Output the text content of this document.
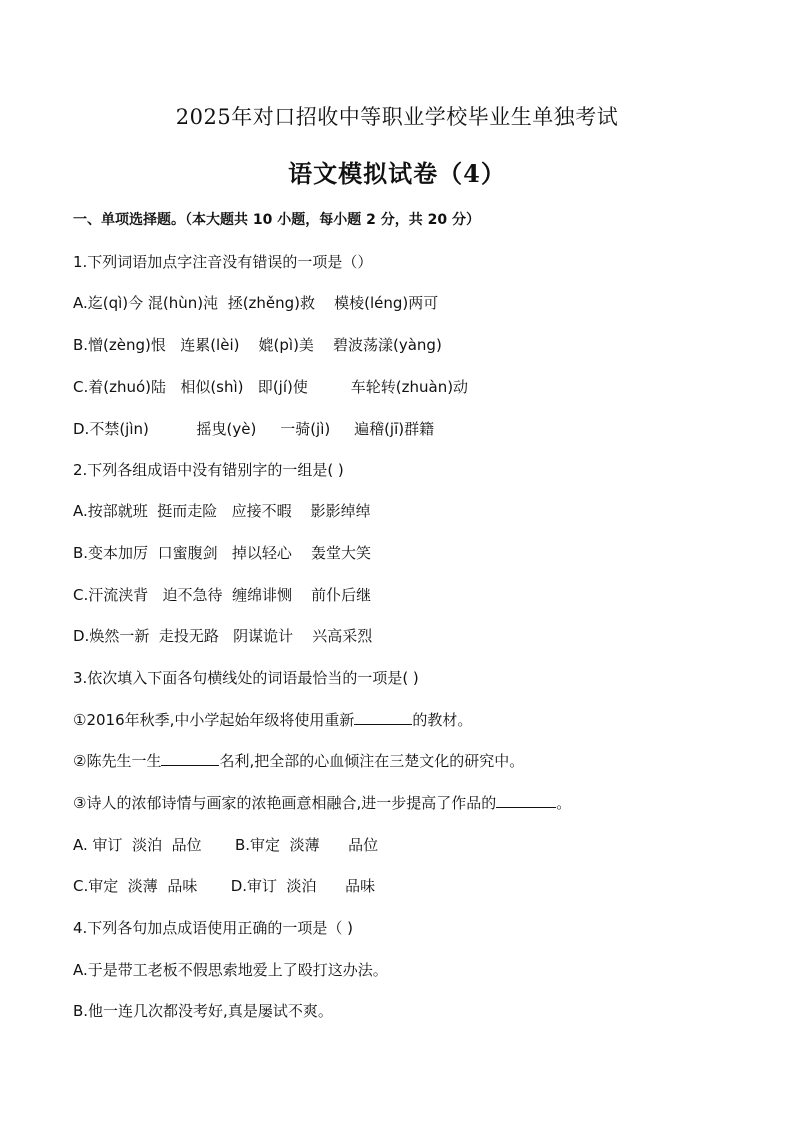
2025年对口招收中等职业学校毕业生单独考试
语文模拟试卷（4）
一、单项选择题。（本大题共 10 小题，每小题 2 分，共 20 分）
1.下列词语加点字注音没有错误的一项是（）
A.迄(qì)今 混(hùn)沌  拯(zhěng)救    模棱(léng)两可
B.憎(zèng)恨   连累(lèi)    媲(pì)美    碧波荡漾(yàng)
C.着(zhuó)陆   相似(shì)   即(jí)使         车轮转(zhuàn)动
D.不禁(jìn)          摇曳(yè)     一骑(jì)     遍稽(jī)群籍
2.下列各组成语中没有错别字的一组是( )
A.按部就班  挺而走险   应接不暇    影影绰绰
B.变本加厉  口蜜腹剑   掉以轻心    轰堂大笑
C.汗流浃背   迫不急待  缠绵诽恻    前仆后继
D.焕然一新  走投无路   阴谋诡计    兴高采烈
3.依次填入下面各句横线处的词语最恰当的一项是( )
①2016年秋季,中小学起始年级将使用重新	的教材。
②陈先生一生	名利,把全部的心血倾注在三楚文化的研究中。
③诗人的浓郁诗情与画家的浓艳画意相融合,进一步提高了作品的	。
A. 审订  淡泊  品位       B.审定  淡薄      品位
C.审定  淡薄  品味       D.审订  淡泊      品味
4.下列各句加点成语使用正确的一项是（ )
A.于是带工老板不假思索地爱上了殴打这办法。
B.他一连几次都没考好,真是屡试不爽。
